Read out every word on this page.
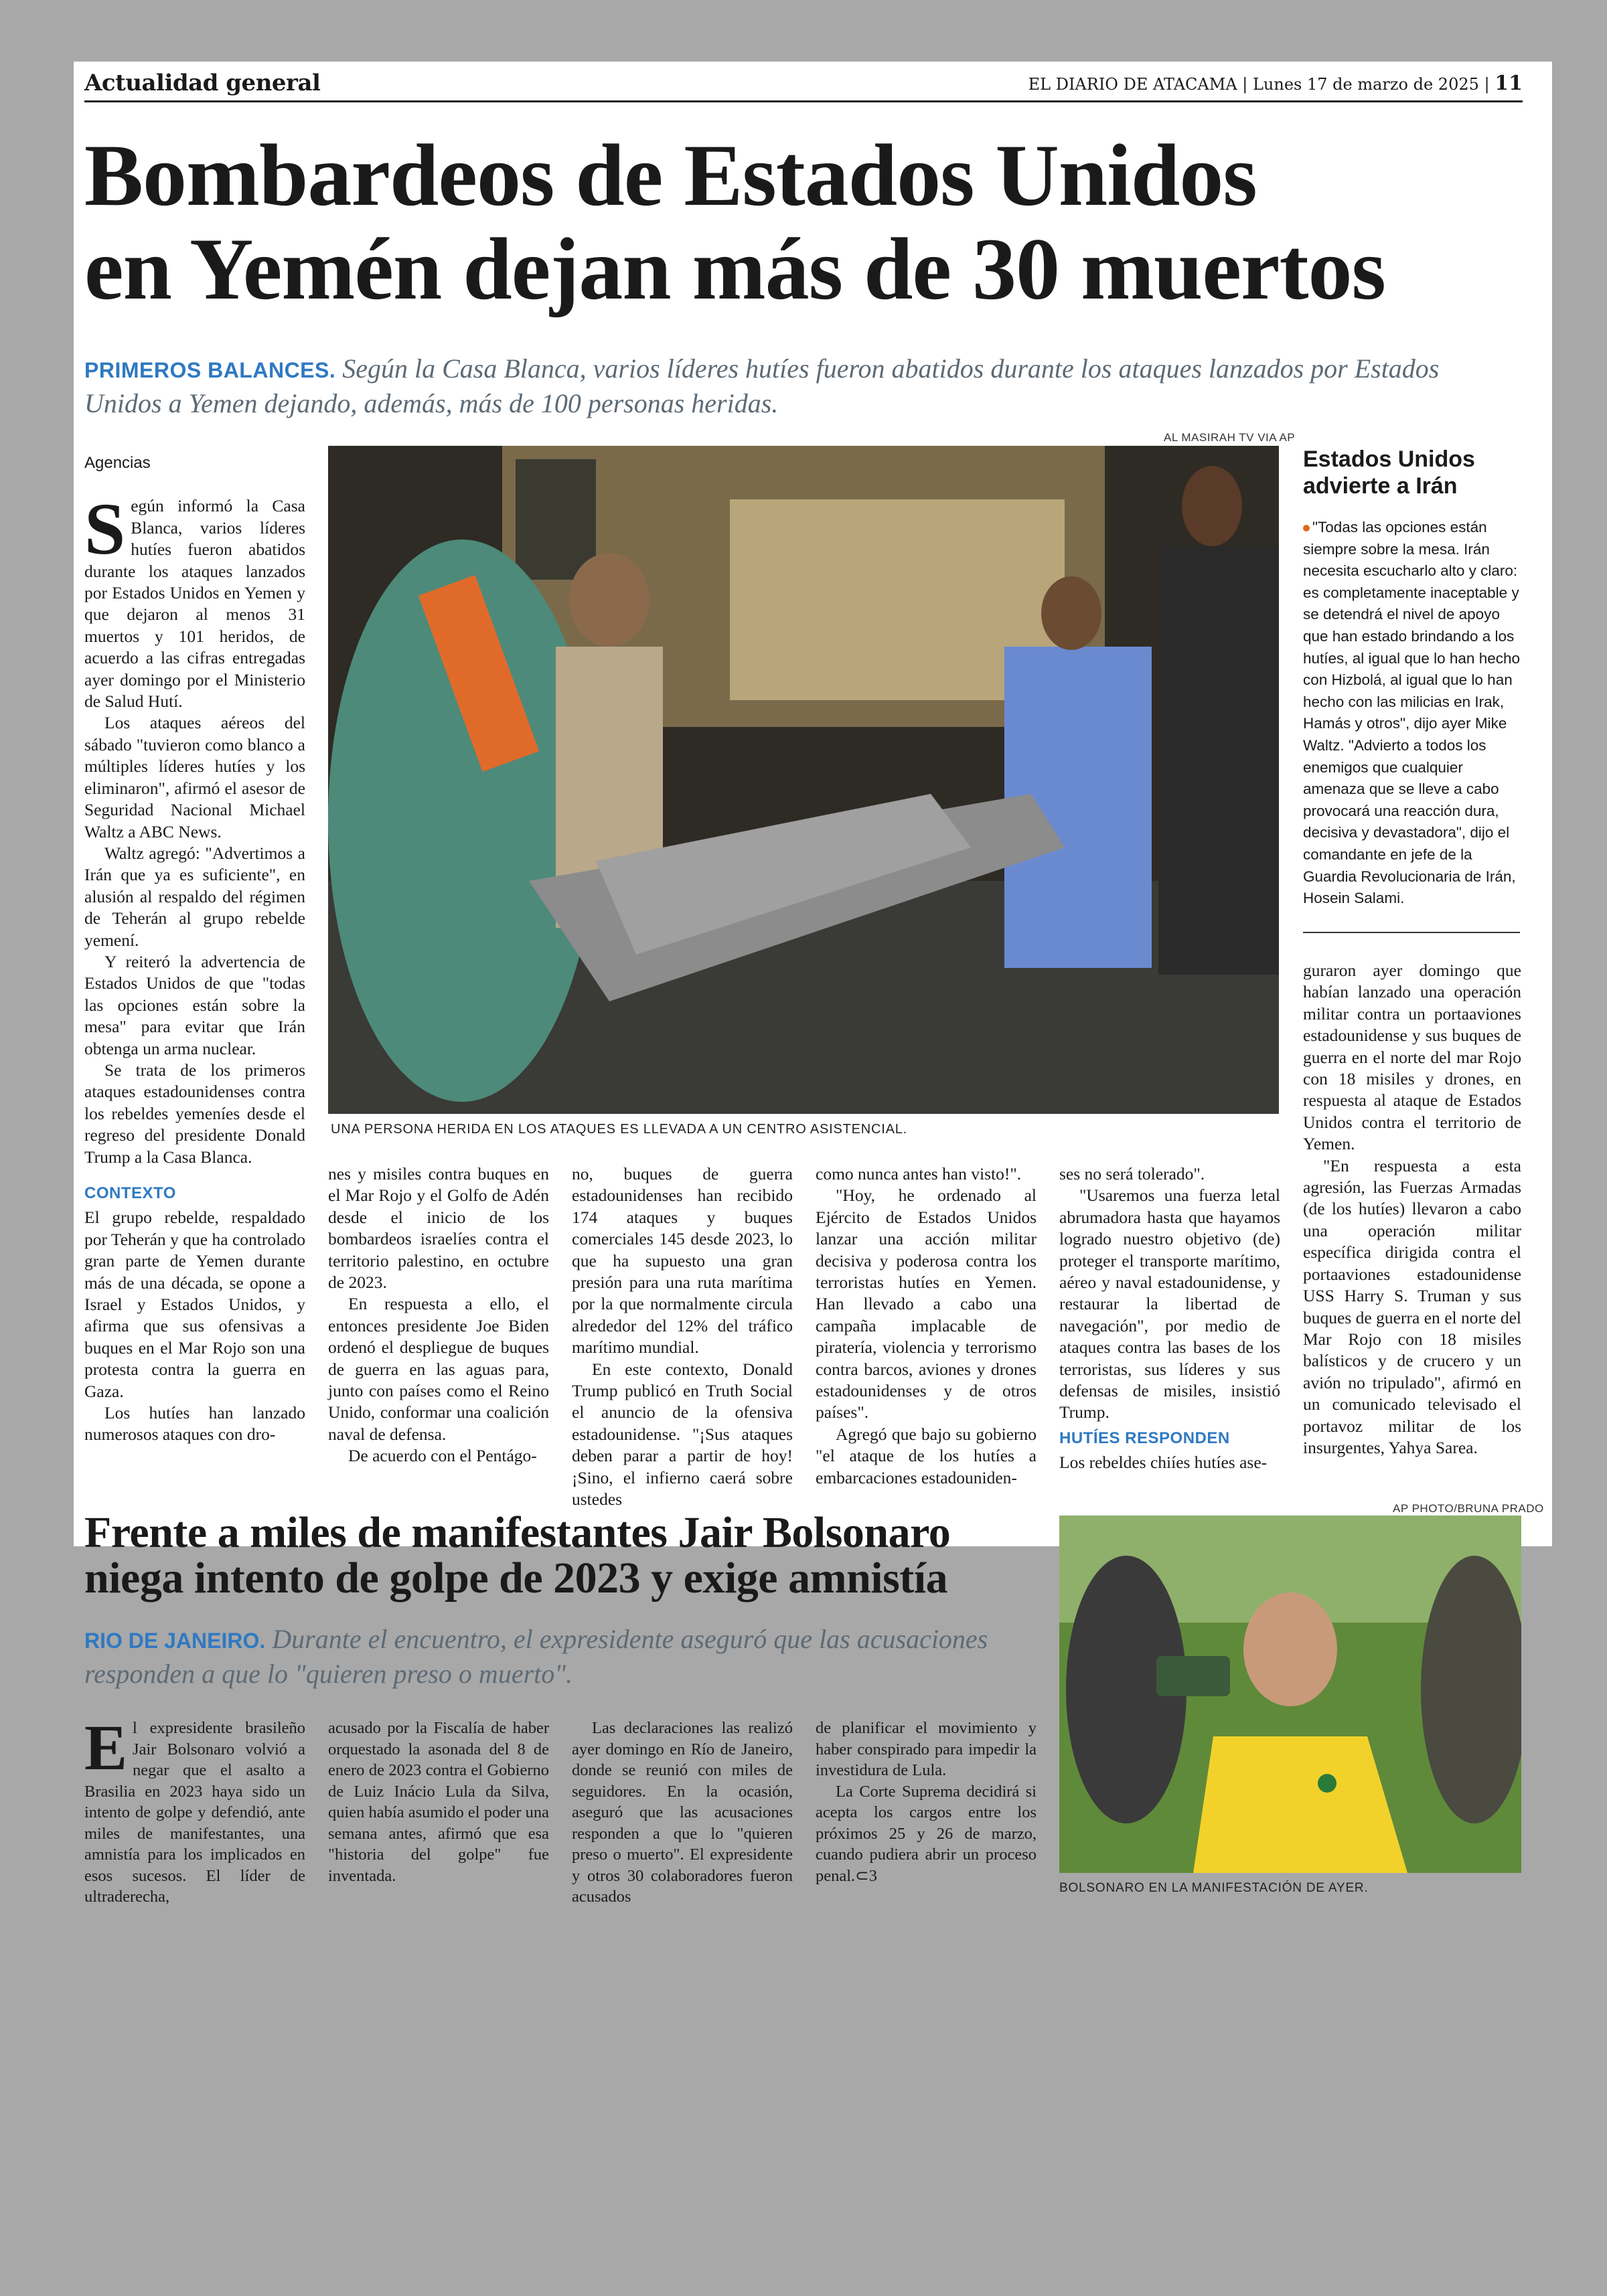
Actualidad general	EL DIARIO DE ATACAMA | Lunes 17 de marzo de 2025 | 11
Bombardeos de Estados Unidos
en Yemén dejan más de 30 muertos
PRIMEROS BALANCES. Según la Casa Blanca, varios líderes hutíes fueron abatidos durante los ataques lanzados por Estados Unidos a Yemen dejando, además, más de 100 personas heridas.
Agencias

Según informó la Casa Blanca, varios líderes hutíes fueron abatidos durante los ataques lanzados por Estados Unidos en Yemen y que dejaron al menos 31 muertos y 101 heridos, de acuerdo a las cifras entregadas ayer domingo por el Ministerio de Salud Hutí.

Los ataques aéreos del sábado "tuvieron como blanco a múltiples líderes hutíes y los eliminaron", afirmó el asesor de Seguridad Nacional Michael Waltz a ABC News.

Waltz agregó: "Advertimos a Irán que ya es suficiente", en alusión al respaldo del régimen de Teherán al grupo rebelde yemení.

Y reiteró la advertencia de Estados Unidos de que "todas las opciones están sobre la mesa" para evitar que Irán obtenga un arma nuclear.

Se trata de los primeros ataques estadounidenses contra los rebeldes yemeníes desde el regreso del presidente Donald Trump a la Casa Blanca.

CONTEXTO

El grupo rebelde, respaldado por Teherán y que ha controlado gran parte de Yemen durante más de una década, se opone a Israel y Estados Unidos, y afirma que sus ofensivas a buques en el Mar Rojo son una protesta contra la guerra en Gaza.

Los hutíes han lanzado numerosos ataques con dro-

AL MASIRAH TV VIA AP
UNA PERSONA HERIDA EN LOS ATAQUES ES LLEVADA A UN CENTRO ASISTENCIAL.
Estados Unidos advierte a Irán
"Todas las opciones están siempre sobre la mesa. Irán necesita escucharlo alto y claro: es completamente inaceptable y se detendrá el nivel de apoyo que han estado brindando a los hutíes, al igual que lo han hecho con Hizbolá, al igual que lo han hecho con las milicias en Irak, Hamás y otros", dijo ayer Mike Waltz. "Advierto a todos los enemigos que cualquier amenaza que se lleve a cabo provocará una reacción dura, decisiva y devastadora", dijo el comandante en jefe de la Guardia Revolucionaria de Irán, Hosein Salami.

nes y misiles contra buques en el Mar Rojo y el Golfo de Adén desde el inicio de los bombardeos israelíes contra el territorio palestino, en octubre de 2023.

En respuesta a ello, el entonces presidente Joe Biden ordenó el despliegue de buques de guerra en las aguas para, junto con países como el Reino Unido, conformar una coalición naval de defensa.

De acuerdo con el Pentágo-

no, buques de guerra estadounidenses han recibido 174 ataques y buques comerciales 145 desde 2023, lo que ha supuesto una gran presión para una ruta marítima por la que normalmente circula alrededor del 12% del tráfico marítimo mundial.

En este contexto, Donald Trump publicó en Truth Social el anuncio de la ofensiva estadounidense. "¡Sus ataques deben parar a partir de hoy! ¡Sino, el infierno caerá sobre ustedes

como nunca antes han visto!".

"Hoy, he ordenado al Ejército de Estados Unidos lanzar una acción militar decisiva y poderosa contra los terroristas hutíes en Yemen. Han llevado a cabo una campaña implacable de piratería, violencia y terrorismo contra barcos, aviones y drones estadounidenses y de otros países".

Agregó que bajo su gobierno "el ataque de los hutíes a embarcaciones estadouniden-

ses no será tolerado".

"Usaremos una fuerza letal abrumadora hasta que hayamos logrado nuestro objetivo (de) proteger el transporte marítimo, aéreo y naval estadounidense, y restaurar la libertad de navegación", por medio de ataques contra las bases de los terroristas, sus líderes y sus defensas de misiles, insistió Trump.

HUTÍES RESPONDEN

Los rebeldes chiíes hutíes ase-

guraron ayer domingo que habían lanzado una operación militar contra un portaaviones estadounidense y sus buques de guerra en el norte del mar Rojo con 18 misiles y drones, en respuesta al ataque de Estados Unidos contra el territorio de Yemen.

"En respuesta a esta agresión, las Fuerzas Armadas (de los hutíes) llevaron a cabo una operación militar específica dirigida contra el portaaviones estadounidense USS Harry S. Truman y sus buques de guerra en el norte del Mar Rojo con 18 misiles balísticos y de crucero y un avión no tripulado", afirmó en un comunicado televisado el portavoz militar de los insurgentes, Yahya Sarea.

Frente a miles de manifestantes Jair Bolsonaro niega intento de golpe de 2023 y exige amnistía
RIO DE JANEIRO. Durante el encuentro, el expresidente aseguró que las acusaciones responden a que lo "quieren preso o muerto".

El expresidente brasileño Jair Bolsonaro volvió a negar que el asalto a Brasilia en 2023 haya sido un intento de golpe y defendió, ante miles de manifestantes, una amnistía para los implicados en esos sucesos. El líder de ultraderecha,

acusado por la Fiscalía de haber orquestado la asonada del 8 de enero de 2023 contra el Gobierno de Luiz Inácio Lula da Silva, quien había asumido el poder una semana antes, afirmó que esa "historia del golpe" fue inventada.

Las declaraciones las realizó ayer domingo en Río de Janeiro, donde se reunió con miles de seguidores. En la ocasión, aseguró que las acusaciones responden a que lo "quieren preso o muerto". El expresidente y otros 30 colaboradores fueron acusados

de planificar el movimiento y haber conspirado para impedir la investidura de Lula.

La Corte Suprema decidirá si acepta los cargos entre los próximos 25 y 26 de marzo, cuando pudiera abrir un proceso penal.⊂3

AP PHOTO/BRUNA PRADO
BOLSONARO EN LA MANIFESTACIÓN DE AYER.
